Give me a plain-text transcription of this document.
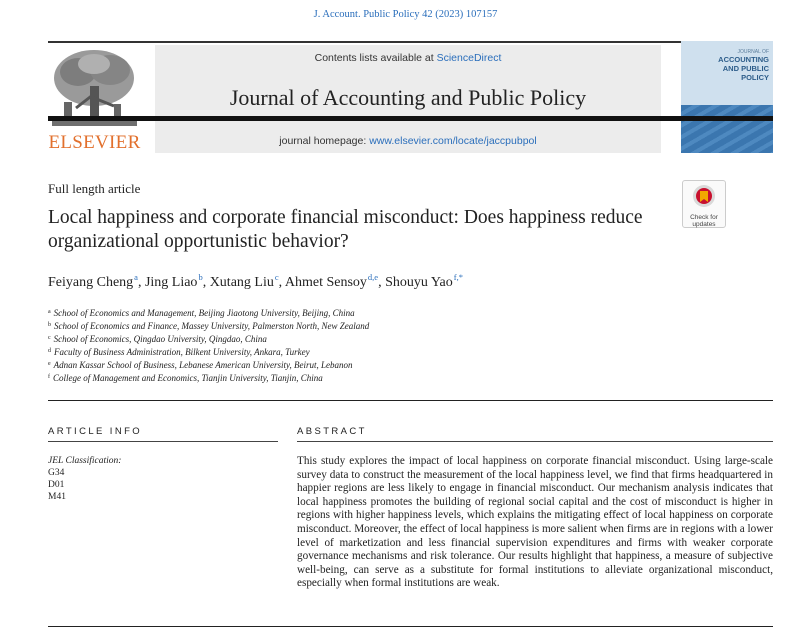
J. Account. Public Policy 42 (2023) 107157
ELSEVIER
Contents lists available at ScienceDirect
Journal of Accounting and Public Policy
journal homepage: www.elsevier.com/locate/jaccpubpol
JOURNAL OF
ACCOUNTING
AND PUBLIC
POLICY
Full length article
Local happiness and corporate financial misconduct: Does happiness reduce organizational opportunistic behavior?
Check for updates
Feiyang Cheng$^a$, Jing Liao$^b$, Xutang Liu$^c$, Ahmet Sensoy$^{d,e}$, Shouyu Yao$^{f,*}$
$^a$ School of Economics and Management, Beijing Jiaotong University, Beijing, China
$^b$ School of Economics and Finance, Massey University, Palmerston North, New Zealand
$^c$ School of Economics, Qingdao University, Qingdao, China
$^d$ Faculty of Business Administration, Bilkent University, Ankara, Turkey
$^e$ Adnan Kassar School of Business, Lebanese American University, Beirut, Lebanon
$^f$ College of Management and Economics, Tianjin University, Tianjin, China
ARTICLE INFO	ABSTRACT
JEL Classification:
G34
D01
M41
This study explores the impact of local happiness on corporate financial misconduct. Using large-scale survey data to construct the measurement of the local happiness level, we find that firms headquartered in happier regions are less likely to engage in financial misconduct. Our mechanism analysis indicates that local happiness promotes the building of regional social capital and the cost of misconduct is higher in regions with higher happiness levels, which explains the mitigating effect of local happiness on corporate misconduct. Moreover, the effect of local happiness is more salient when firms are in regions with a lower level of marketization and less financial supervision expenditures and firms with weaker corporate governance mechanisms and risk tolerance. Our results highlight that happiness, a measure of subjective well-being, can serve as a substitute for formal institutions to alleviate organizational misconduct, especially when formal institutions are weak.
